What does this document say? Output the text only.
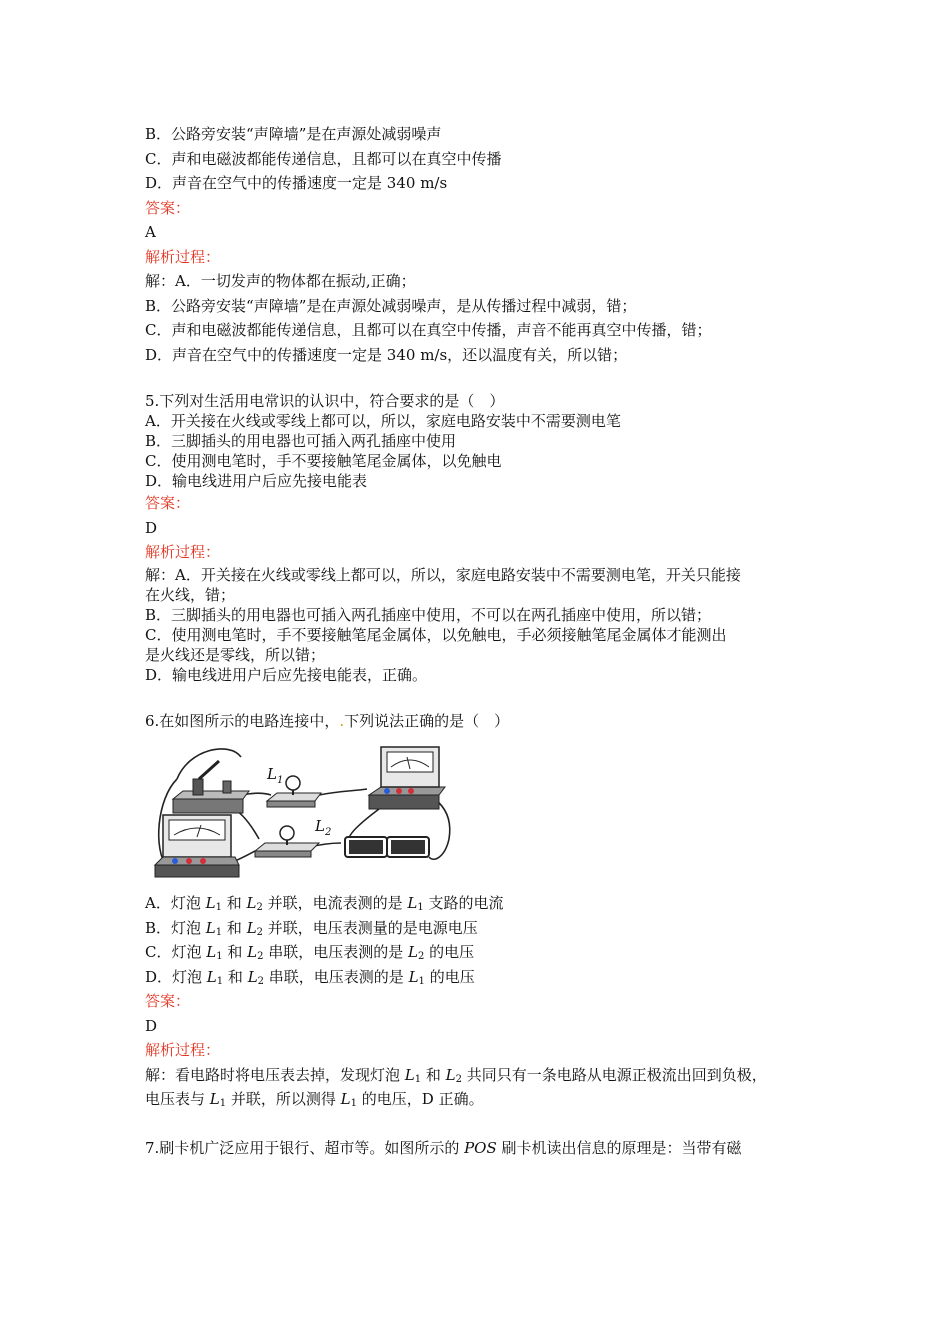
B．公路旁安装“声障墙”是在声源处减弱噪声
C．声和电磁波都能传递信息，且都可以在真空中传播
D．声音在空气中的传播速度一定是 340 m/s
答案：
A
解析过程：
解：A．一切发声的物体都在振动,正确；
B．公路旁安装“声障墙”是在声源处减弱噪声，是从传播过程中减弱，错；
C．声和电磁波都能传递信息，且都可以在真空中传播，声音不能再真空中传播，错；
D．声音在空气中的传播速度一定是 340 m/s，还以温度有关，所以错；
5.下列对生活用电常识的认识中，符合要求的是（　）
A．开关接在火线或零线上都可以，所以，家庭电路安装中不需要测电笔
B．三脚插头的用电器也可插入两孔插座中使用
C．使用测电笔时，手不要接触笔尾金属体，以免触电
D．输电线进用户后应先接电能表
答案：
D
解析过程：
解：A．开关接在火线或零线上都可以，所以，家庭电路安装中不需要测电笔，开关只能接
在火线，错；
B．三脚插头的用电器也可插入两孔插座中使用，不可以在两孔插座中使用，所以错；
C．使用测电笔时，手不要接触笔尾金属体，以免触电，手必须接触笔尾金属体才能测出
是火线还是零线，所以错；
D．输电线进用户后应先接电能表，正确。
6.在如图所示的电路连接中，.下列说法正确的是（　）
$L_1$
$L_2$
A．灯泡 $L_1$ 和 $L_2$ 并联，电流表测的是 $L_1$ 支路的电流
B．灯泡 $L_1$ 和 $L_2$ 并联，电压表测量的是电源电压
C．灯泡 $L_1$ 和 $L_2$ 串联，电压表测的是 $L_2$ 的电压
D．灯泡 $L_1$ 和 $L_2$ 串联，电压表测的是 $L_1$ 的电压
答案：
D
解析过程：
解：看电路时将电压表去掉，发现灯泡 $L_1$ 和 $L_2$ 共同只有一条电路从电源正极流出回到负极，
电压表与 $L_1$ 并联，所以测得 $L_1$ 的电压，D 正确。
7.刷卡机广泛应用于银行、超市等。如图所示的 POS 刷卡机读出信息的原理是：当带有磁
